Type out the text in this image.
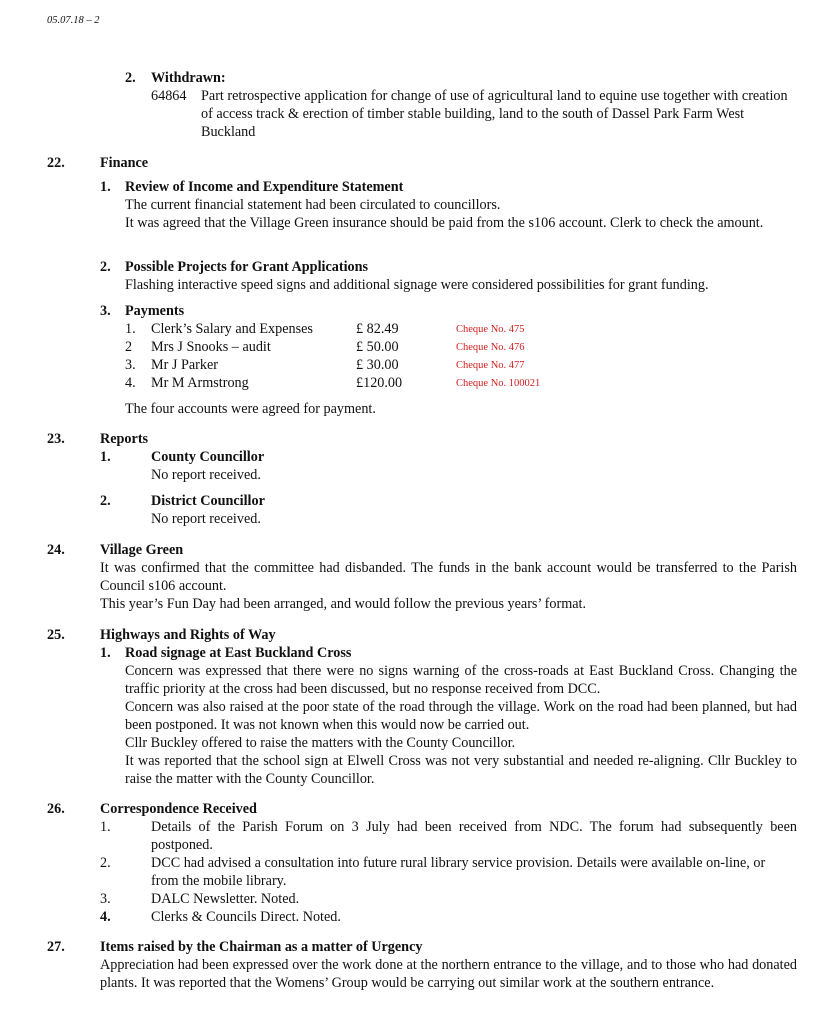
05.07.18 – 2
2. Withdrawn:
64864 Part retrospective application for change of use of agricultural land to equine use together with creation of access track & erection of timber stable building, land to the south of Dassel Park Farm West Buckland
22. Finance
1. Review of Income and Expenditure Statement

The current financial statement had been circulated to councillors.

It was agreed that the Village Green insurance should be paid from the s106 account. Clerk to check the amount.

2. Possible Projects for Grant Applications
Flashing interactive speed signs and additional signage were considered possibilities for grant funding.
3. Payments
1. Clerk’s Salary and Expenses	£ 82.49	Cheque No. 475
2 Mrs J Snooks – audit	£ 50.00	Cheque No. 476
3. Mr J Parker	£ 30.00	Cheque No. 477
4. Mr M Armstrong	£120.00	Cheque No. 100021
The four accounts were agreed for payment.
23. Reports
1.	County Councillor
No report received.
2.	District Councillor
No report received.
24. Village Green

It was confirmed that the committee had disbanded. The funds in the bank account would be transferred to the Parish Council s106 account.

This year’s Fun Day had been arranged, and would follow the previous years’ format.

25. Highways and Rights of Way
1. Road signage at East Buckland Cross

Concern was expressed that there were no signs warning of the cross-roads at East Buckland Cross. Changing the traffic priority at the cross had been discussed, but no response received from DCC.

Concern was also raised at the poor state of the road through the village. Work on the road had been planned, but had been postponed. It was not known when this would now be carried out.

Cllr Buckley offered to raise the matters with the County Councillor.

It was reported that the school sign at Elwell Cross was not very substantial and needed re-aligning. Cllr Buckley to raise the matter with the County Councillor.

26. Correspondence Received
1.	Details of the Parish Forum on 3 July had been received from NDC. The forum had subsequently been postponed.
2.	DCC had advised a consultation into future rural library service provision. Details were available on-line, or from the mobile library.
3.	DALC Newsletter. Noted.
4.	Clerks & Councils Direct. Noted.
27. Items raised by the Chairman as a matter of Urgency
Appreciation had been expressed over the work done at the northern entrance to the village, and to those who had donated plants. It was reported that the Womens’ Group would be carrying out similar work at the southern entrance.
